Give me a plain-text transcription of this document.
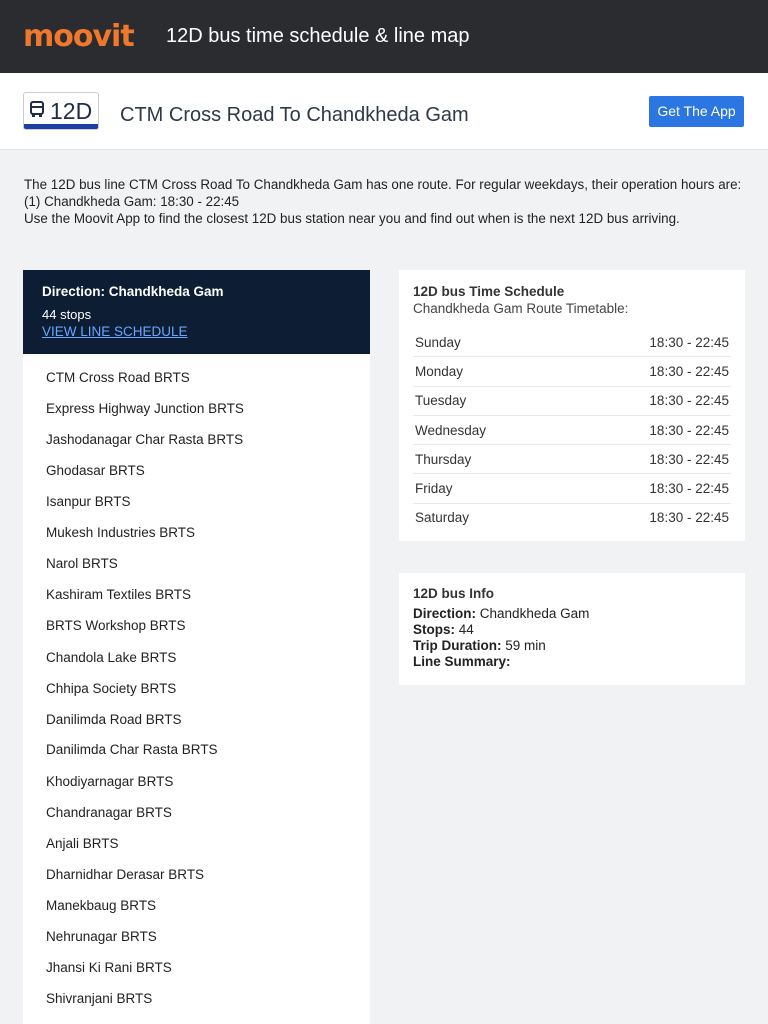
moovit 12D bus time schedule & line map
12D CTM Cross Road To Chandkheda Gam	Get The App

The 12D bus line CTM Cross Road To Chandkheda Gam has one route. For regular weekdays, their operation hours are:

(1) Chandkheda Gam: 18:30 - 22:45

Use the Moovit App to find the closest 12D bus station near you and find out when is the next 12D bus arriving.

Direction: Chandkheda Gam
44 stops
VIEW LINE SCHEDULE
CTM Cross Road BRTS
Express Highway Junction BRTS
Jashodanagar Char Rasta BRTS
Ghodasar BRTS
Isanpur BRTS
Mukesh Industries BRTS
Narol BRTS
Kashiram Textiles BRTS
BRTS Workshop BRTS
Chandola Lake BRTS
Chhipa Society BRTS
Danilimda Road BRTS
Danilimda Char Rasta BRTS
Khodiyarnagar BRTS
Chandranagar BRTS
Anjali BRTS
Dharnidhar Derasar BRTS
Manekbaug BRTS
Nehrunagar BRTS
Jhansi Ki Rani BRTS
Shivranjani BRTS
12D bus Time Schedule
Chandkheda Gam Route Timetable:
Sunday	18:30 - 22:45
Monday	18:30 - 22:45
Tuesday	18:30 - 22:45
Wednesday	18:30 - 22:45
Thursday	18:30 - 22:45
Friday	18:30 - 22:45
Saturday	18:30 - 22:45
12D bus Info
Direction: Chandkheda Gam
Stops: 44
Trip Duration: 59 min
Line Summary:
